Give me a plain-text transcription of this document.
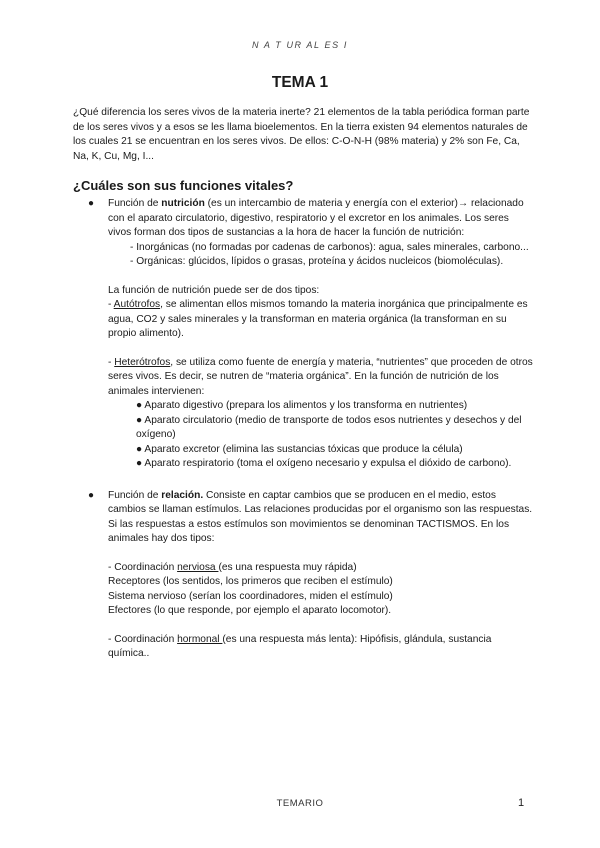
N A T UR AL ES I
TEMA 1

¿Qué diferencia los seres vivos de la materia inerte? 21 elementos de la tabla periódica forman parte de los seres vivos y a esos se les llama bioelementos. En la tierra existen 94 elementos naturales de los cuales 21 se encuentran en los seres vivos. De ellos: C-O-N-H (98% materia) y 2% son Fe, Ca, Na, K, Cu, Mg, I...

¿Cuáles son sus funciones vitales?

● Función de nutrición (es un intercambio de materia y energía con el exterior)→ relacionado con el aparato circulatorio, digestivo, respiratorio y el excretor en los animales. Los seres vivos forman dos tipos de sustancias a la hora de hacer la función de nutrición:

- Inorgánicas (no formadas por cadenas de carbonos): agua, sales minerales, carbono...

- Orgánicas: glúcidos, lípidos o grasas, proteína y ácidos nucleicos (biomoléculas).

La función de nutrición puede ser de dos tipos:

- Autótrofos, se alimentan ellos mismos tomando la materia inorgánica que principalmente es agua, CO2 y sales minerales y la transforman en materia orgánica (la transforman en su propio alimento).

- Heterótrofos, se utiliza como fuente de energía y materia, “nutrientes” que proceden de otros seres vivos. Es decir, se nutren de “materia orgánica”. En la función de nutrición de los animales intervienen:

● Aparato digestivo (prepara los alimentos y los transforma en nutrientes)

● Aparato circulatorio (medio de transporte de todos esos nutrientes y desechos y del oxígeno)

● Aparato excretor (elimina las sustancias tóxicas que produce la célula)

● Aparato respiratorio (toma el oxígeno necesario y expulsa el dióxido de carbono).

● Función de relación. Consiste en captar cambios que se producen en el medio, estos cambios se llaman estímulos. Las relaciones producidas por el organismo son las respuestas. Si las respuestas a estos estímulos son movimientos se denominan TACTISMOS. En los animales hay dos tipos:

- Coordinación nerviosa (es una respuesta muy rápida)

Receptores (los sentidos, los primeros que reciben el estímulo)

Sistema nervioso (serían los coordinadores, miden el estímulo)

Efectores (lo que responde, por ejemplo el aparato locomotor).

- Coordinación hormonal (es una respuesta más lenta): Hipófisis, glándula, sustancia química..

TEMARIO	1
